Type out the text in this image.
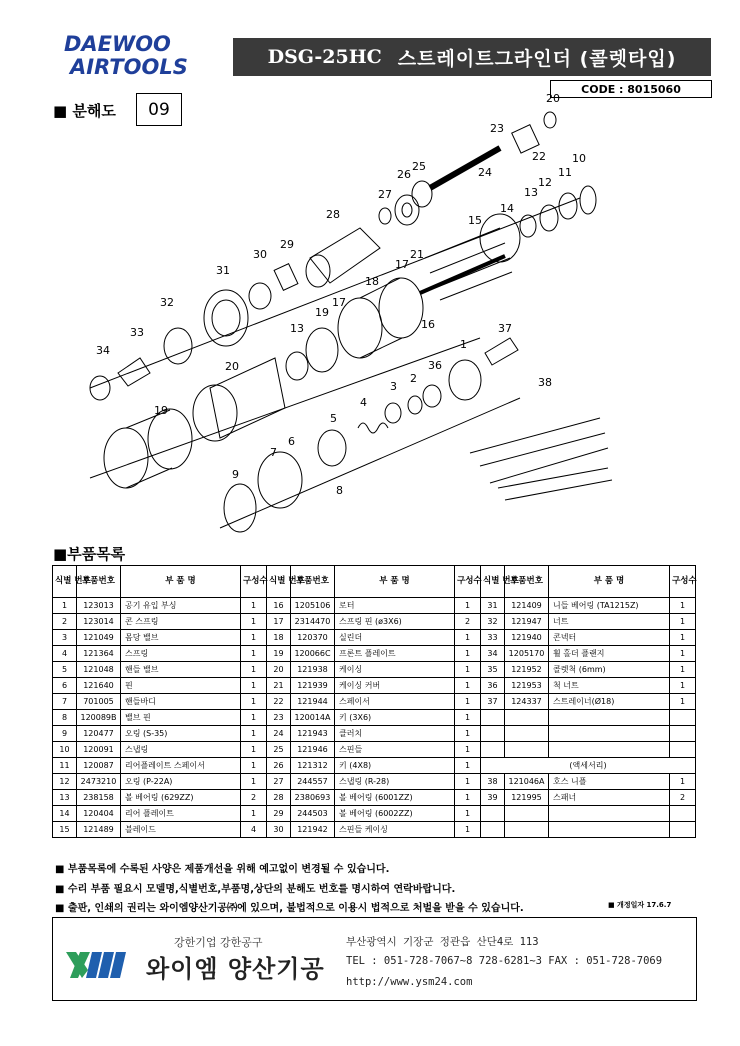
DAEWOO
AIRTOOLS	DSG-25HC 스트레이트그라인더 (콜렛타입)
CODE : 8015060
■ 분해도	09
20
23
22 10
11
12
13
14
25
26	24
27
28	15
29
30	21
17
31
18
32	17
19
16
13	37
33
1
34
20	36
2	38
3
4
19
5
6
7
9
8
■부품목록
식별 번호	부품번호	부 품 명	구성수	식별 번호	부품번호	부 품 명	구성수	식별 번호	부품번호	부 품 명	구성수
1	123013	공기 유입 부싱	1	16	1205106	로터	1	31	121409	니들 베어링 (TA1215Z)	1
2	123014	콘 스프링	1	17	2314470	스프링 핀 (ø3X6)	2	32	121947	너트	1
3	121049	몸당 밸브	1	18	120370	실린더	1	33	121940	콘넥터	1
4	121364	스프링	1	19	120066C	프론트 플레이트	1	34	1205170	휠 홀더 플랜지	1
5	121048	핸들 밸브	1	20	121938	케이싱	1	35	121952	콜렛척 (6mm)	1
6	121640	핀	1	21	121939	케이싱 커버	1	36	121953	척 너트	1
7	701005	핸들바디	1	22	121944	스페이서	1	37	124337	스트레이너(Ø18)	1
8	120089B	밸브 핀	1	23	120014A	키 (3X6)	1				
9	120477	오링 (S-35)	1	24	121943	클러치	1				
10	120091	스냅링	1	25	121946	스핀들	1				
11	120087	리어플레이트 스페이서	1	26	121312	키 (4X8)	1	(액세서리)			
12	2473210	오링 (P-22A)	1	27	244557	스냅링 (R-28)	1	38	121046A	호스 니플	1
13	238158	볼 베어링 (629ZZ)	2	28	2380693	볼 베어링 (6001ZZ)	1	39	121995	스패너	2
14	120404	리어 플레이트	1	29	244503	볼 베어링 (6002ZZ)	1				
15	121489	블레이드	4	30	121942	스핀들 케이싱	1				
■ 부품목록에 수록된 사양은 제품개선을 위해 예고없이 변경될 수 있습니다.
■ 수리 부품 필요시 모델명,식별번호,부품명,상단의 분해도 번호를 명시하여 연락바랍니다.
■ 출판, 인쇄의 권리는 와이엠양산기공㈜에 있으며, 불법적으로 이용시 법적으로 처벌을 받을 수 있습니다.	■ 개정일자 17.6.7
강한기업 강한공구
와이엠 양산기공
부산광역시 기장군 정관읍 산단4로 113
TEL : 051-728-7067~8 728-6281~3 FAX : 051-728-7069
http://www.ysm24.com
